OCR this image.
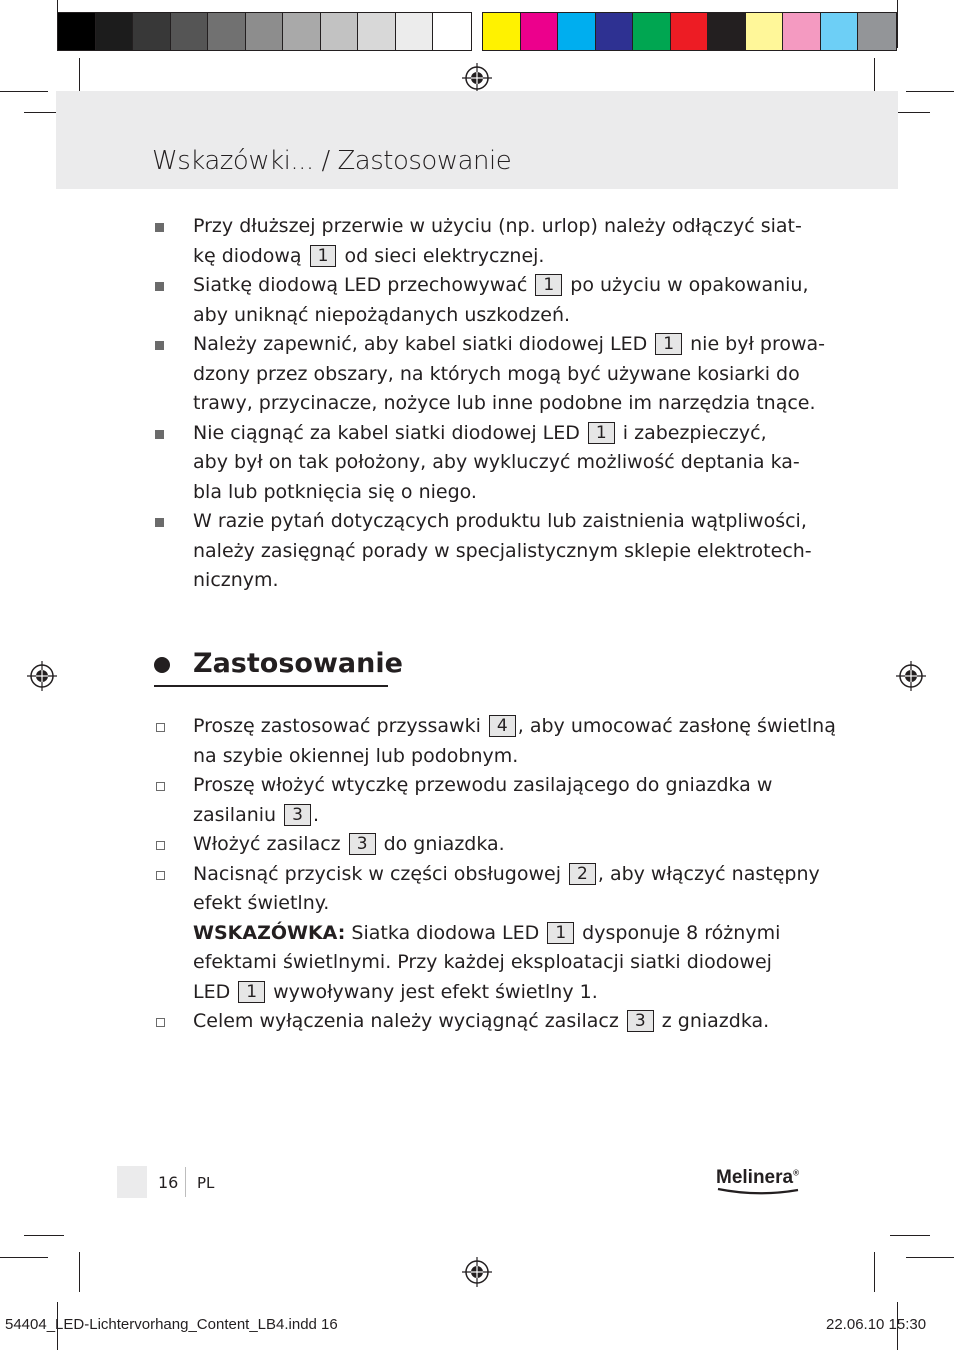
Wskazówki... / Zastosowanie
Przy dłuższej przerwie w użyciu (np. urlop) należy odłączyć siat-
kę diodową 1 od sieci elektrycznej.
Siatkę diodową LED przechowywać 1 po użyciu w opakowaniu,
aby uniknąć niepożądanych uszkodzeń.
Należy zapewnić, aby kabel siatki diodowej LED 1 nie był prowa-
dzony przez obszary, na których mogą być używane kosiarki do
trawy, przycinacze, nożyce lub inne podobne im narzędzia tnące.
Nie ciągnąć za kabel siatki diodowej LED 1 i zabezpieczyć,
aby był on tak położony, aby wykluczyć możliwość deptania ka-
bla lub potknięcia się o niego.
W razie pytań dotyczących produktu lub zaistnienia wątpliwości,
należy zasięgnąć porady w specjalistycznym sklepie elektrotech-
nicznym.
Zastosowanie
Proszę zastosować przyssawki 4 , aby umocować zasłonę świetlną
na szybie okiennej lub podobnym.
Proszę włożyć wtyczkę przewodu zasilającego do gniazdka w
zasilaniu 3 .
Włożyć zasilacz 3 do gniazdka.
Nacisnąć przycisk w części obsługowej 2 , aby włączyć następny
efekt świetlny.
WSKAZÓWKA: Siatka diodowa LED 1 dysponuje 8 różnymi
efektami świetlnymi. Przy każdej eksploatacji siatki diodowej
LED 1 wywoływany jest efekt świetlny 1.
Celem wyłączenia należy wyciągnąć zasilacz 3 z gniazdka.
16 PL	Melinera®
54404_LED-Lichtervorhang_Content_LB4.indd 16	22.06.10 15:30
